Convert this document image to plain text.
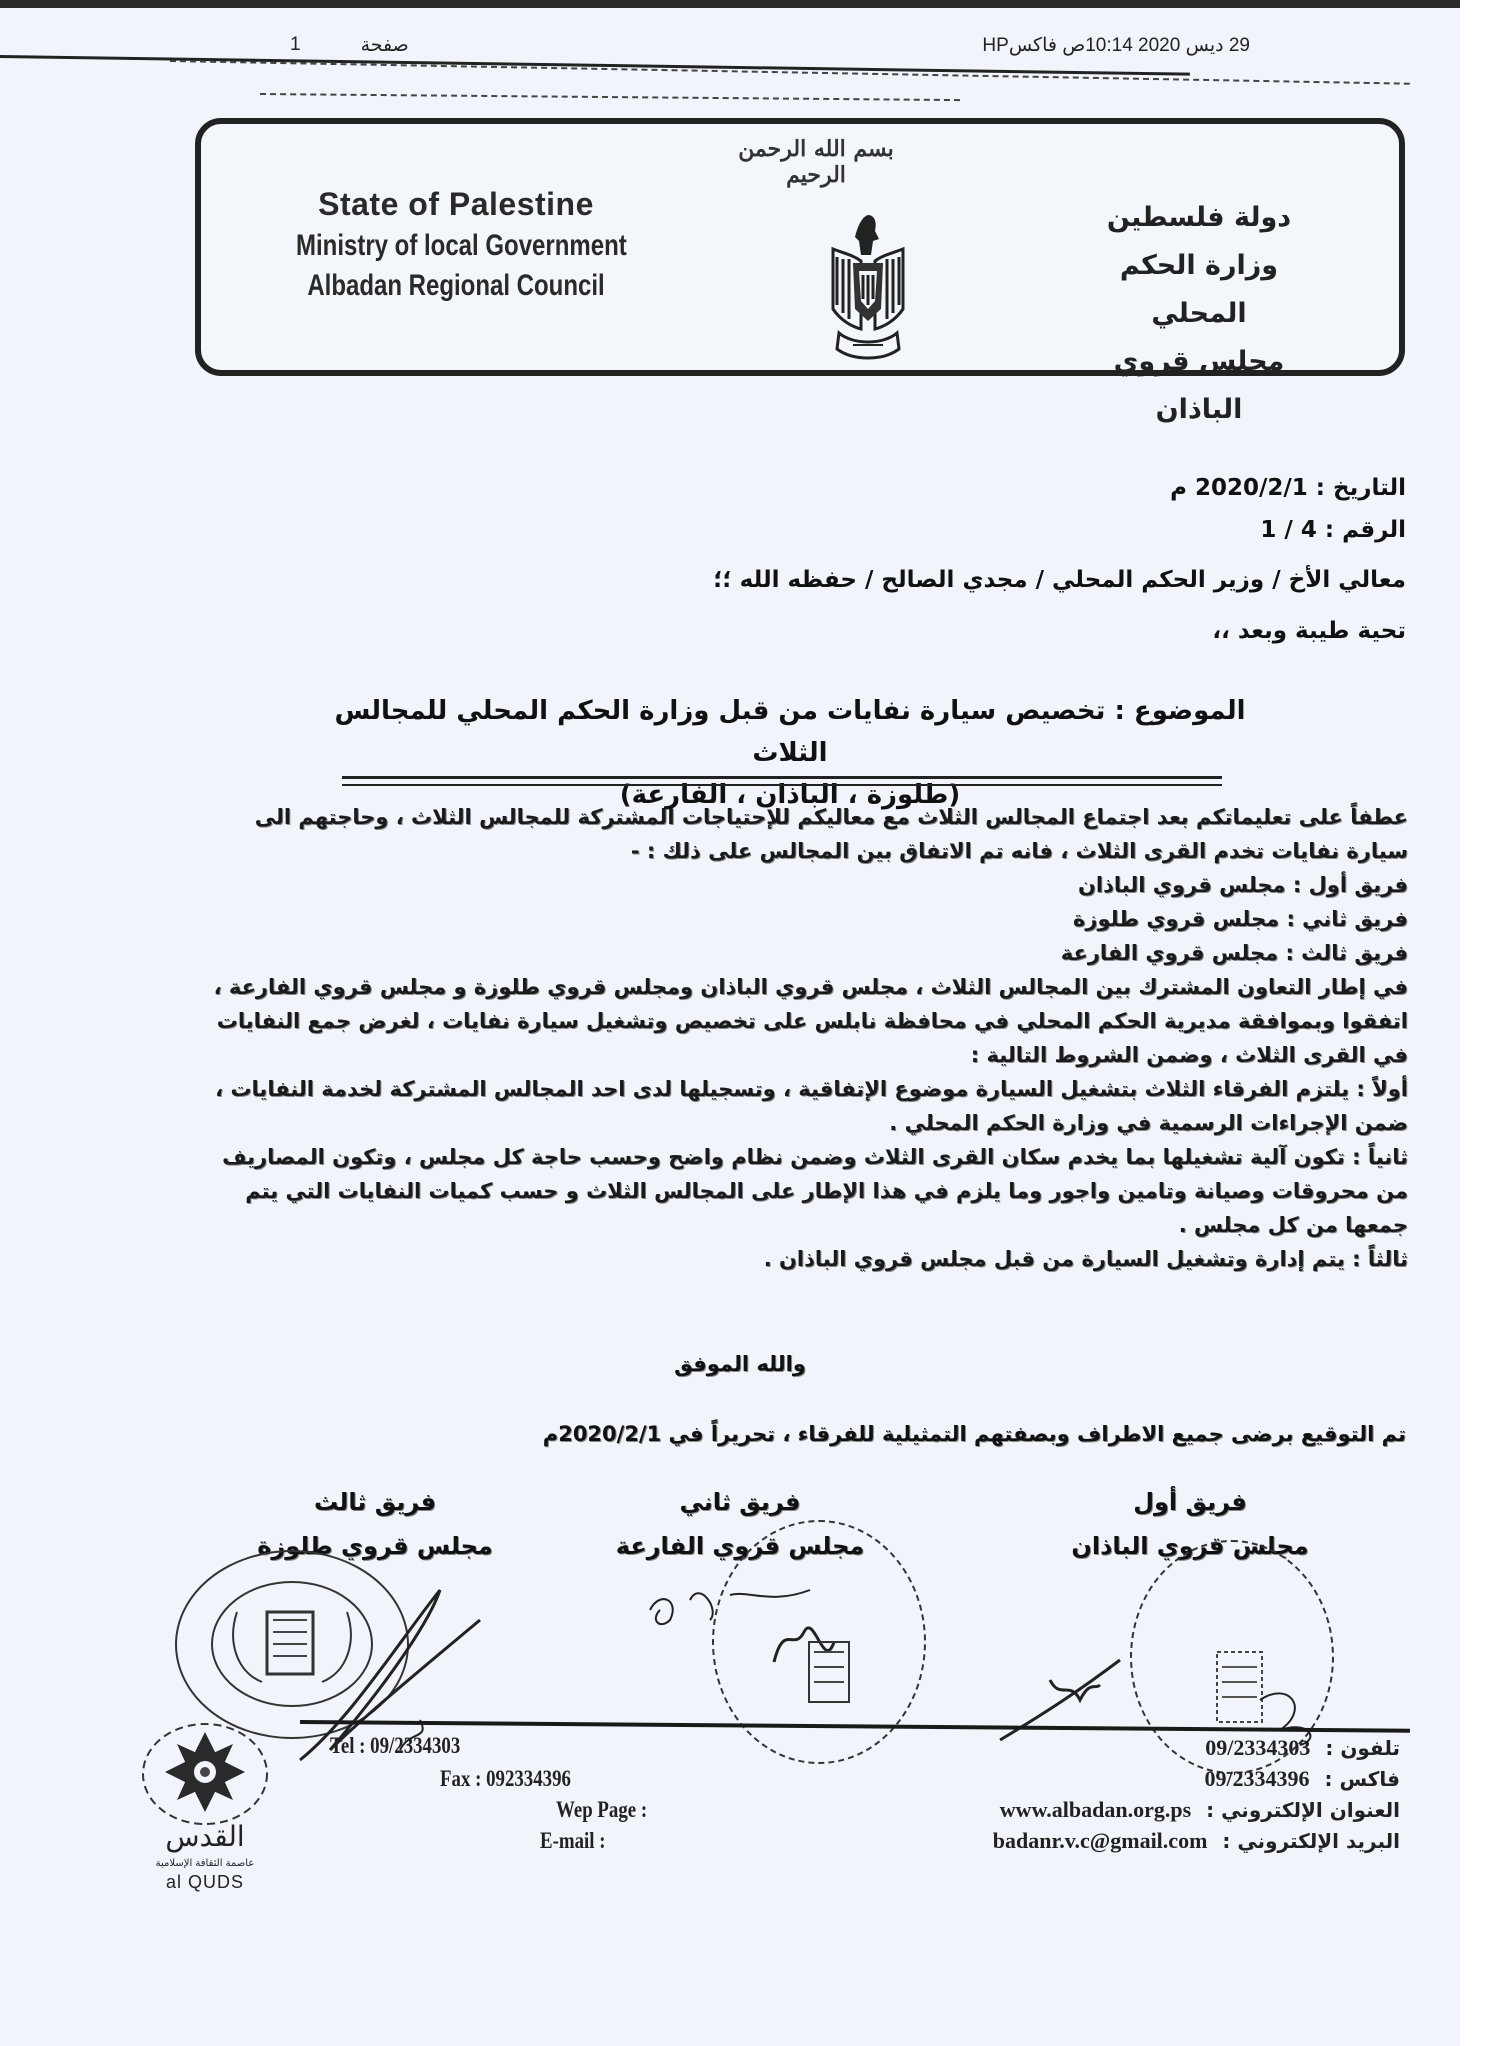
صفحة
1	29 ديس 2020 10:14ص فاكسHP
بسم الله الرحمن الرحيم
State of Palestine
Ministry of local Government
Albadan Regional Council
دولة فلسطين
وزارة الحكم المحلي
مجلس قروي الباذان
التاريخ : 2020/2/1 م
الرقم : 4 / 1
معالي الأخ / وزير الحكم المحلي / مجدي الصالح / حفظه الله ؛؛
تحية طيبة وبعد ،،
الموضوع : تخصيص سيارة نفايات من قبل وزارة الحكم المحلي للمجالس الثلاث
(طلوزة ، الباذان ، الفارعة)

عطفاً على تعليماتكم بعد اجتماع المجالس الثلاث مع معاليكم للإحتياجات المشتركة للمجالس الثلاث ، وحاجتهم الى سيارة نفايات تخدم القرى الثلاث ، فانه تم الاتفاق بين المجالس على ذلك : -

فريق أول : مجلس قروي الباذان

فريق ثاني : مجلس قروي طلوزة

فريق ثالث : مجلس قروي الفارعة

في إطار التعاون المشترك بين المجالس الثلاث ، مجلس قروي الباذان ومجلس قروي طلوزة و مجلس قروي الفارعة ، اتفقوا وبموافقة مديرية الحكم المحلي في محافظة نابلس على تخصيص وتشغيل سيارة نفايات ، لغرض جمع النفايات في القرى الثلاث ، وضمن الشروط التالية :

أولاً : يلتزم الفرقاء الثلاث بتشغيل السيارة موضوع الإتفاقية ، وتسجيلها لدى احد المجالس المشتركة لخدمة النفايات ، ضمن الإجراءات الرسمية في وزارة الحكم المحلي .

ثانياً : تكون آلية تشغيلها بما يخدم سكان القرى الثلاث وضمن نظام واضح وحسب حاجة كل مجلس ، وتكون المصاريف من محروقات وصيانة وتامين واجور وما يلزم في هذا الإطار على المجالس الثلاث و حسب كميات النفايات التي يتم جمعها من كل مجلس .

ثالثاً : يتم إدارة وتشغيل السيارة من قبل مجلس قروي الباذان .

والله الموفق
تم التوقيع برضى جميع الاطراف وبصفتهم التمثيلية للفرقاء ، تحريراً في 2020/2/1م
فريق أول
مجلس قروي الباذان
فريق ثاني
مجلس قروي الفارعة
فريق ثالث
مجلس قروي طلوزة
Tel : 09/2334303
Fax : 092334396
Wep Page :
E-mail :
تلفون : 09/2334303
فاكس : 09/2334396
العنوان الإلكتروني : www.albadan.org.ps
البريد الإلكتروني : badanr.v.c@gmail.com
القدس
عاصمة الثقافة الإسلامية
al QUDS
